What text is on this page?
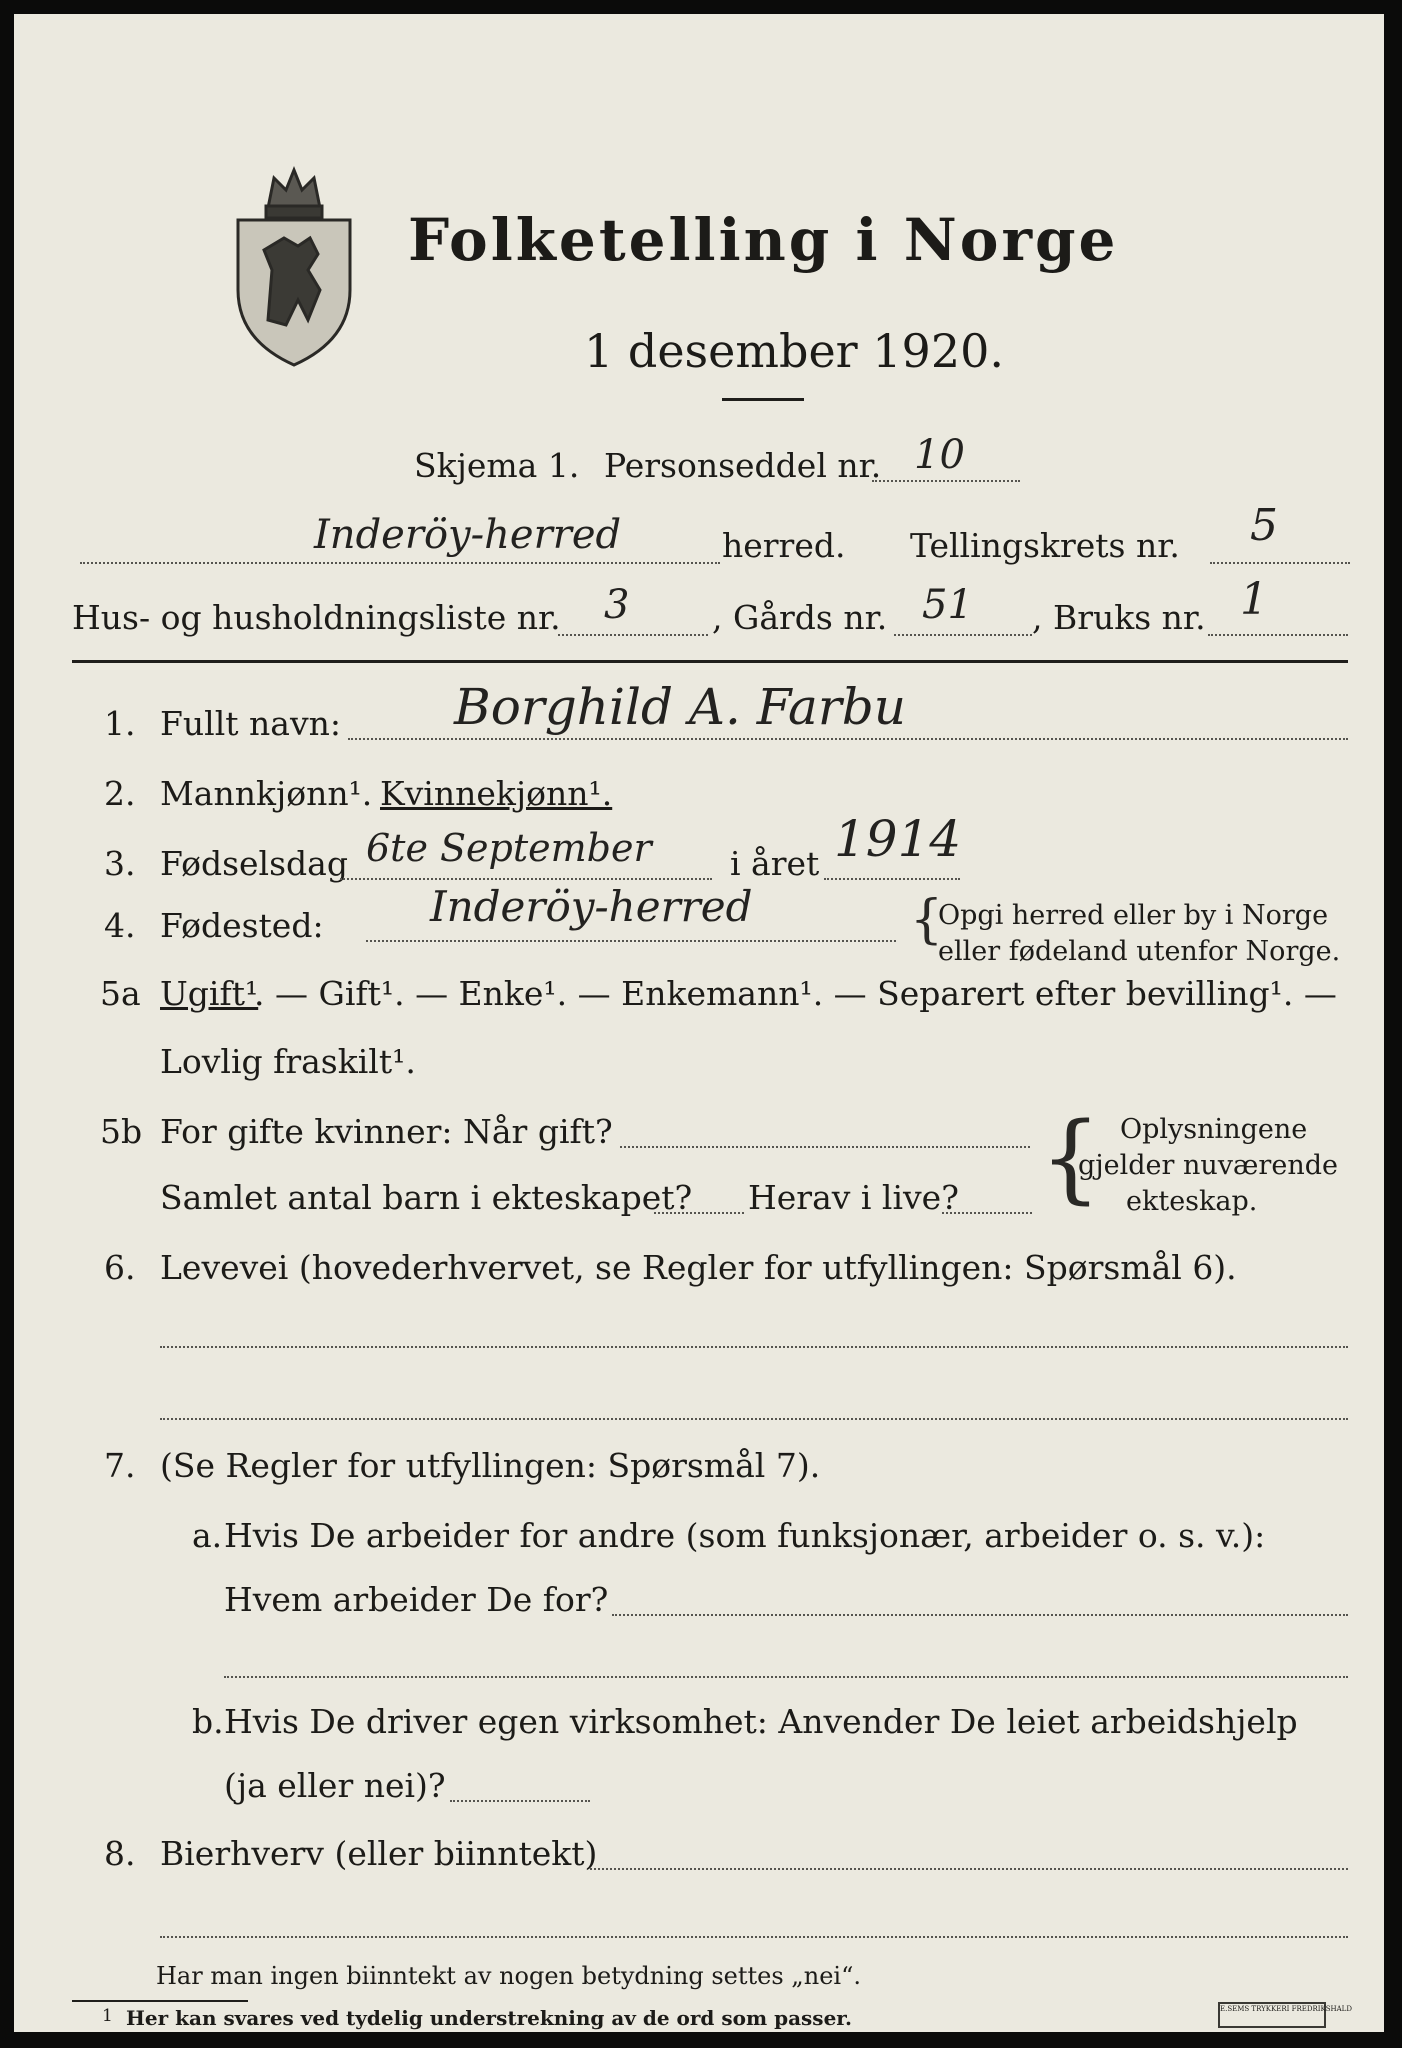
Folketelling i Norge
1 desember 1920.
Skjema 1. Personseddel nr. 10
Inderöy-herred	herred. Tellingskrets nr. 5
Hus- og husholdningsliste nr. 3	, Gårds nr. 51 , Bruks nr. 1
1. Fullt navn: Borghild A. Farbu
2. Mannkjønn¹. Kvinnekjønn¹.
3. Fødselsdag 6te September i året 1914
4. Fødested:	Inderöy-herred	{
Opgi herred eller by i Norge
eller fødeland utenfor Norge.
5a Ugift¹
. — Gift¹. — Enke¹. — Enkemann¹. — Separert efter bevilling¹. —
Lovlig fraskilt¹.
5b For gifte kvinner: Når gift?
Samlet antal barn i ekteskapet? Herav i live? { Oplysningene
gjelder nuværende
ekteskap.
6. Levevei (hovederhvervet, se Regler for utfyllingen: Spørsmål 6).
7. (Se Regler for utfyllingen: Spørsmål 7).
a. Hvis De arbeider for andre (som funksjonær, arbeider o. s. v.):
Hvem arbeider De for?
b. Hvis De driver egen virksomhet: Anvender De leiet arbeidshjelp
(ja eller nei)?
8. Bierhverv (eller biinntekt)
Har man ingen biinntekt av nogen betydning settes „nei“.
1 Her kan svares ved tydelig understrekning av de ord som passer.	E.SEMS TRYKKERI FREDRIKSHALD
